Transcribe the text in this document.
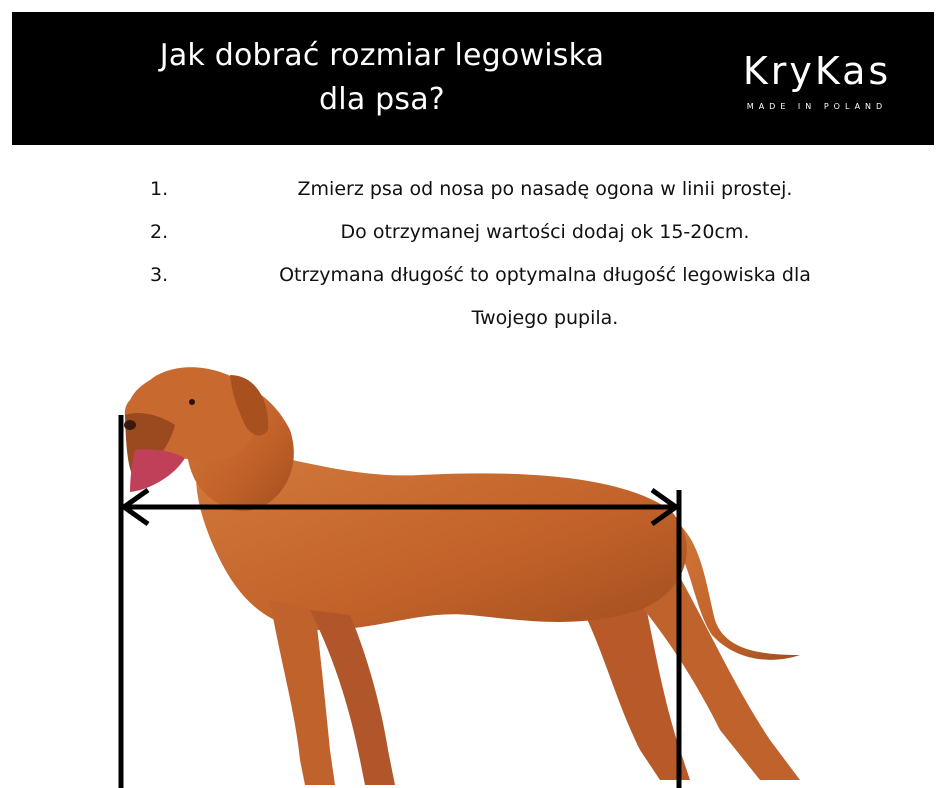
Jak dobrać rozmiar legowiska
dla psa?
KryKas
MADE IN POLAND
1.	Zmierz psa od nosa po nasadę ogona w linii prostej.
2.	Do otrzymanej wartości dodaj ok 15-20cm.
3.	Otrzymana długość to optymalna długość legowiska dla
Twojego pupila.
